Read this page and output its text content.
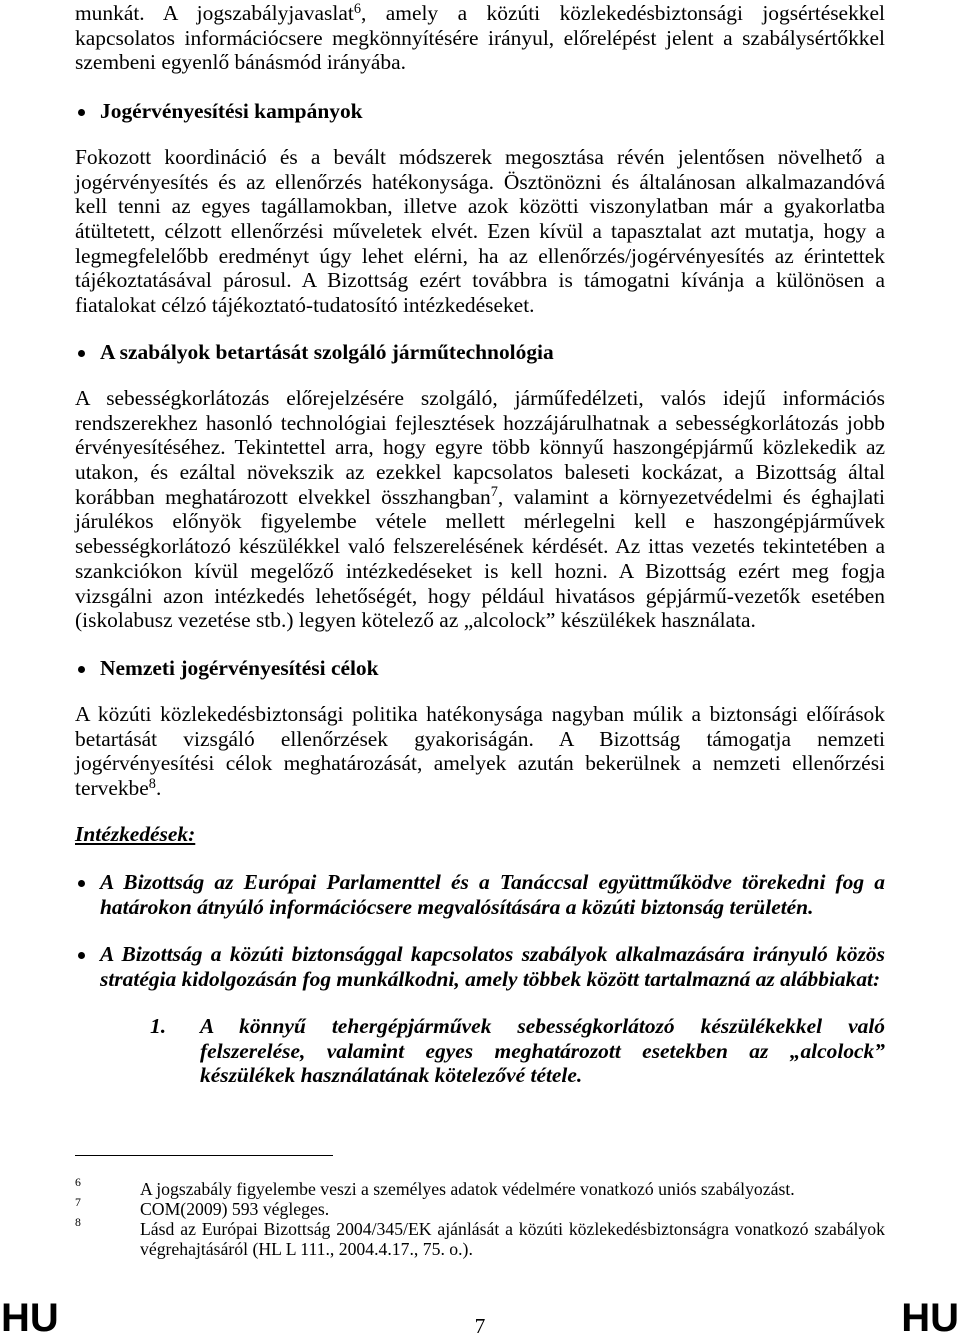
munkát. A jogszabályjavaslat$^6$, amely a közúti közlekedésbiztonsági jogsértésekkel
kapcsolatos információcsere megkönnyítésére irányul, előrelépést jelent a szabálysértőkkel
szembeni egyenlő bánásmód irányába.
Jogérvényesítési kampányok
Fokozott koordináció és a bevált módszerek megosztása révén jelentősen növelhető a
jogérvényesítés és az ellenőrzés hatékonysága. Ösztönözni és általánosan alkalmazandóvá
kell tenni az egyes tagállamokban, illetve azok közötti viszonylatban már a gyakorlatba
átültetett, célzott ellenőrzési műveletek elvét. Ezen kívül a tapasztalat azt mutatja, hogy a
legmegfelelőbb eredményt úgy lehet elérni, ha az ellenőrzés/jogérvényesítés az érintettek
tájékoztatásával párosul. A Bizottság ezért továbbra is támogatni kívánja a különösen a
fiatalokat célzó tájékoztató-tudatosító intézkedéseket.
A szabályok betartását szolgáló járműtechnológia
A sebességkorlátozás előrejelzésére szolgáló, járműfedélzeti, valós idejű információs
rendszerekhez hasonló technológiai fejlesztések hozzájárulhatnak a sebességkorlátozás jobb
érvényesítéséhez. Tekintettel arra, hogy egyre több könnyű haszongépjármű közlekedik az
utakon, és ezáltal növekszik az ezekkel kapcsolatos baleseti kockázat, a Bizottság által
korábban meghatározott elvekkel összhangban$^7$, valamint a környezetvédelmi és éghajlati
járulékos előnyök figyelembe vétele mellett mérlegelni kell e haszongépjárművek
sebességkorlátozó készülékkel való felszerelésének kérdését. Az ittas vezetés tekintetében a
szankciókon kívül megelőző intézkedéseket is kell hozni. A Bizottság ezért meg fogja
vizsgálni azon intézkedés lehetőségét, hogy például hivatásos gépjármű-vezetők esetében
(iskolabusz vezetése stb.) legyen kötelező az „alcolock” készülékek használata.
Nemzeti jogérvényesítési célok
A közúti közlekedésbiztonsági politika hatékonysága nagyban múlik a biztonsági előírások
betartását vizsgáló ellenőrzések gyakoriságán. A Bizottság támogatja nemzeti
jogérvényesítési célok meghatározását, amelyek azután bekerülnek a nemzeti ellenőrzési
tervekbe$^8$.
Intézkedések:
A Bizottság az Európai Parlamenttel és a Tanáccsal együttműködve törekedni fog a
határokon átnyúló információcsere megvalósítására a közúti biztonság területén.
A Bizottság a közúti biztonsággal kapcsolatos szabályok alkalmazására irányuló közös
stratégia kidolgozásán fog munkálkodni, amely többek között tartalmazná az alábbiakat:
1. A könnyű tehergépjárművek sebességkorlátozó készülékekkel való
felszerelése, valamint egyes meghatározott esetekben az „alcolock”
készülékek használatának kötelezővé tétele.
6	A jogszabály figyelembe veszi a személyes adatok védelmére vonatkozó uniós szabályozást.
7	COM(2009) 593 végleges.
8	Lásd az Európai Bizottság 2004/345/EK ajánlását a közúti közlekedésbiztonságra vonatkozó szabályok
végrehajtásáról (HL L 111., 2004.4.17., 75. o.).
HU	7	HU
